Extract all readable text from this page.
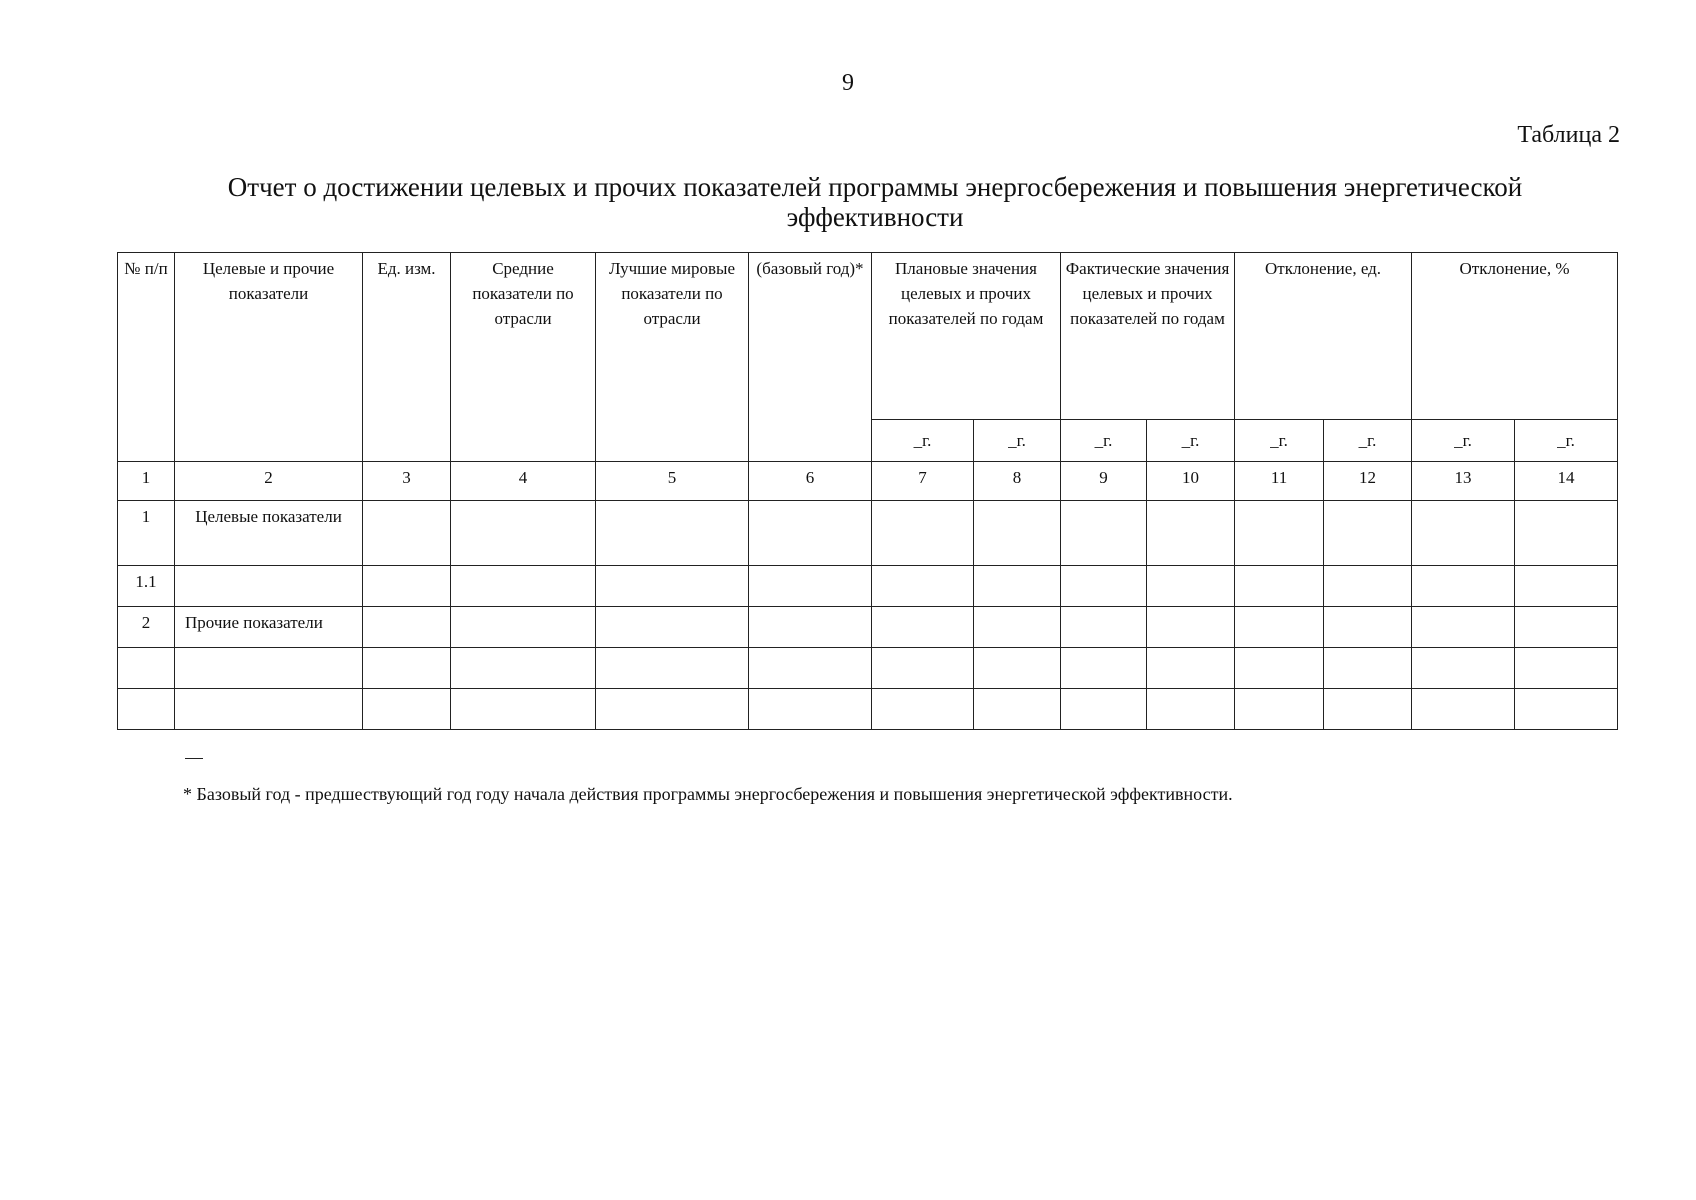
9
Таблица 2
Отчет о достижении целевых и прочих показателей программы энергосбережения и повышения энергетической эффективности
№ п/п	Целевые и прочие показатели	Ед. изм.	Средние показатели по отрасли	Лучшие мировые показатели по отрасли	(базовый год)*	Плановые значения целевых и прочих показателей по годам		Фактические значения целевых и прочих показателей по годам		Отклонение, ед.		Отклонение, %	
						_г.	_г.	_г.	_г.	_г.	_г.	_г.	_г.
1	2	3	4	5	6	7	8	9	10	11	12	13	14
1	Целевые показатели												
1.1													
2	Прочие показатели												

* Базовый год - предшествующий год году начала действия программы энергосбережения и повышения энергетической эффективности.
